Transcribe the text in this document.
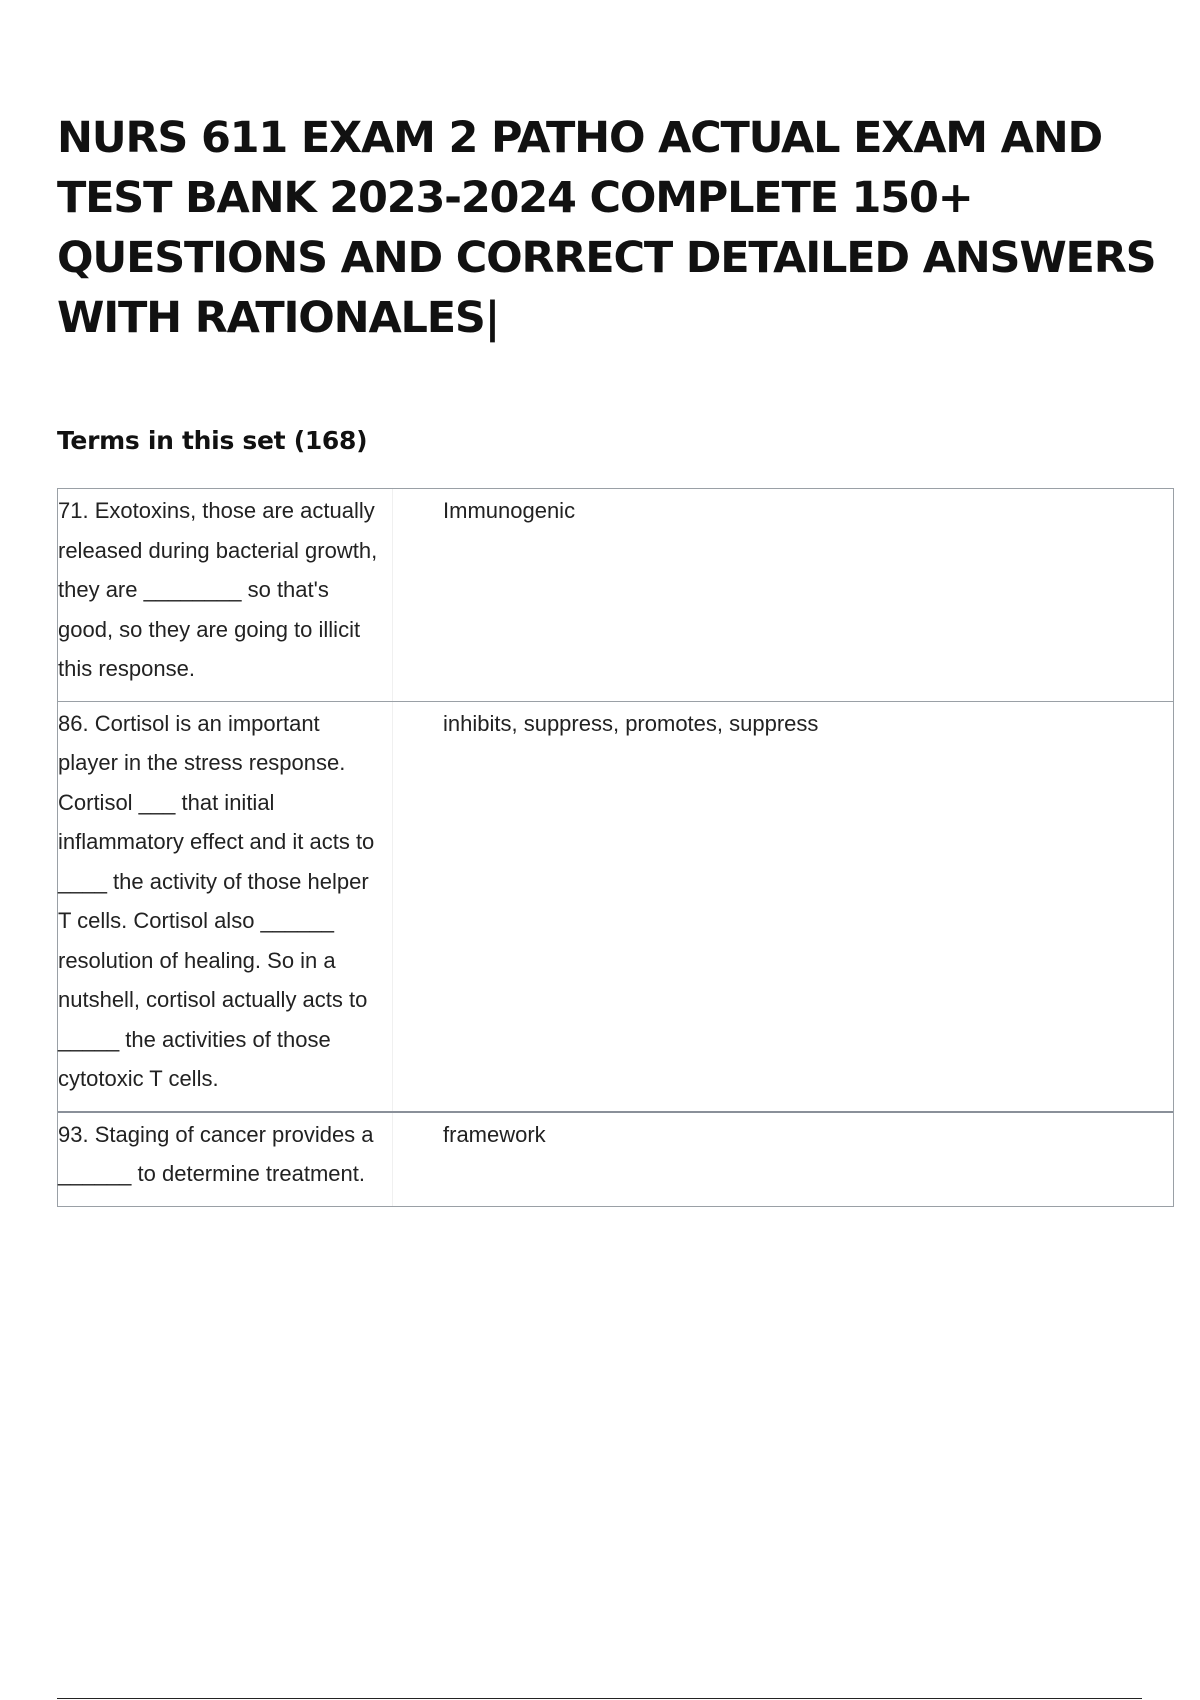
NURS 611 EXAM 2 PATHO ACTUAL EXAM AND TEST BANK 2023-2024 COMPLETE 150+ QUESTIONS AND CORRECT DETAILED ANSWERS WITH RATIONALES|
Terms in this set (168)
71. Exotoxins, those are actually released during bacterial growth, they are ________ so that's good, so they are going to illicit this response.
Immunogenic
86. Cortisol is an important player in the stress response. Cortisol ___ that initial inflammatory effect and it acts to ____ the activity of those helper T cells. Cortisol also ______ resolution of healing. So in a nutshell, cortisol actually acts to _____ the activities of those cytotoxic T cells.
inhibits, suppress, promotes, suppress
93. Staging of cancer provides a ______ to determine treatment.
framework
